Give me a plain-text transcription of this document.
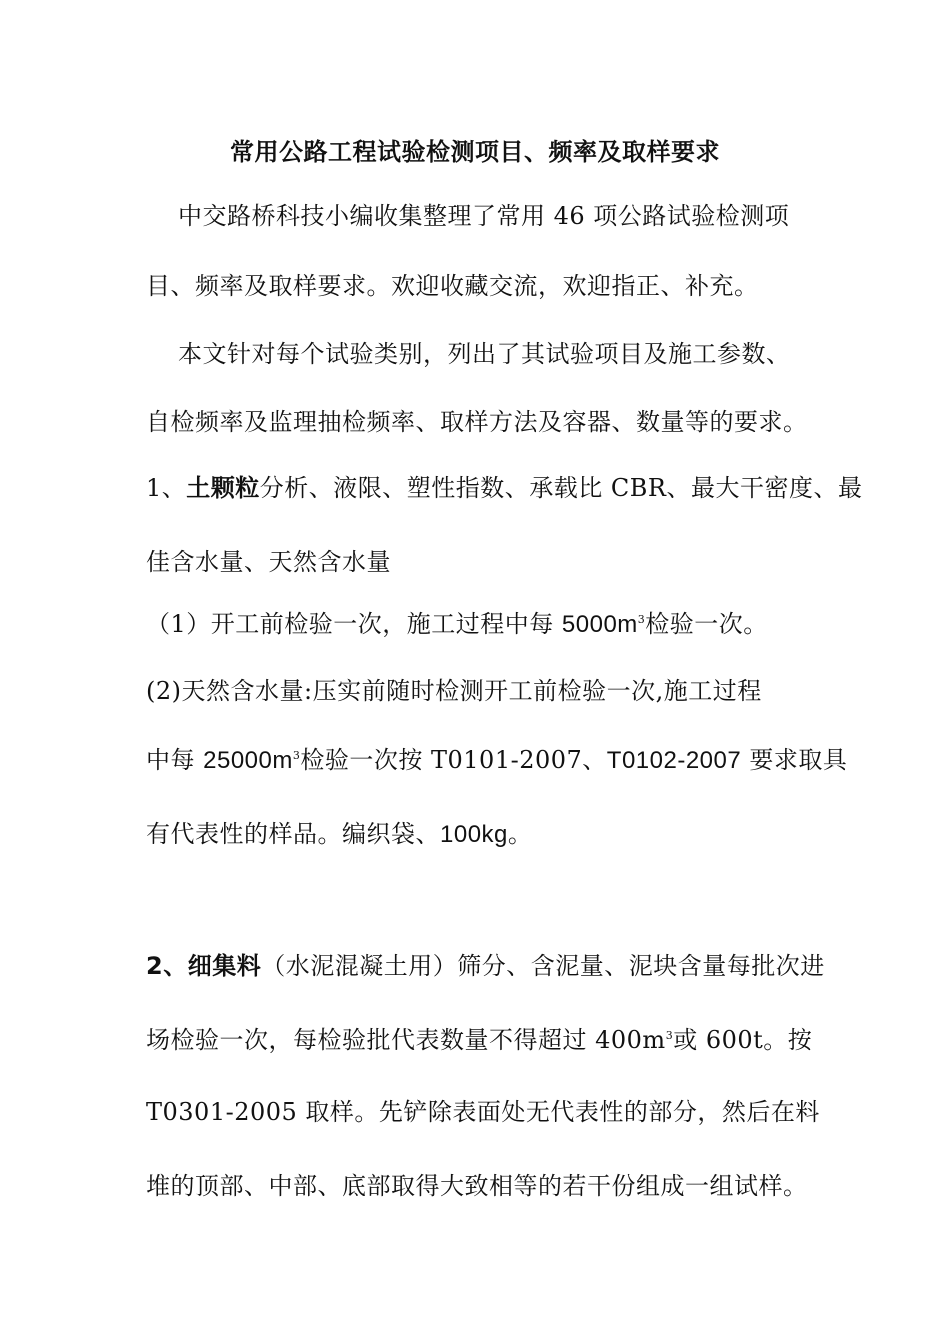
常用公路工程试验检测项目、频率及取样要求
中交路桥科技小编收集整理了常用 46 项公路试验检测项
目、频率及取样要求。欢迎收藏交流，欢迎指正、补充。
本文针对每个试验类别，列出了其试验项目及施工参数、
自检频率及监理抽检频率、取样方法及容器、数量等的要求。
1、土颗粒分析、液限、塑性指数、承载比 CBR、最大干密度、最
佳含水量、天然含水量
（1）开工前检验一次，施工过程中每 $5000m^3$检验一次。
(2)天然含水量:压实前随时检测开工前检验一次,施工过程
中每 $25000m^3$检验一次按 T0101-2007、T0102-2007 要求取具
有代表性的样品。编织袋、100kg。
2、细集料（水泥混凝土用）筛分、含泥量、泥块含量每批次进
场检验一次，每检验批代表数量不得超过 $400m^3$或 600t。按
T0301-2005 取样。先铲除表面处无代表性的部分，然后在料
堆的顶部、中部、底部取得大致相等的若干份组成一组试样。
